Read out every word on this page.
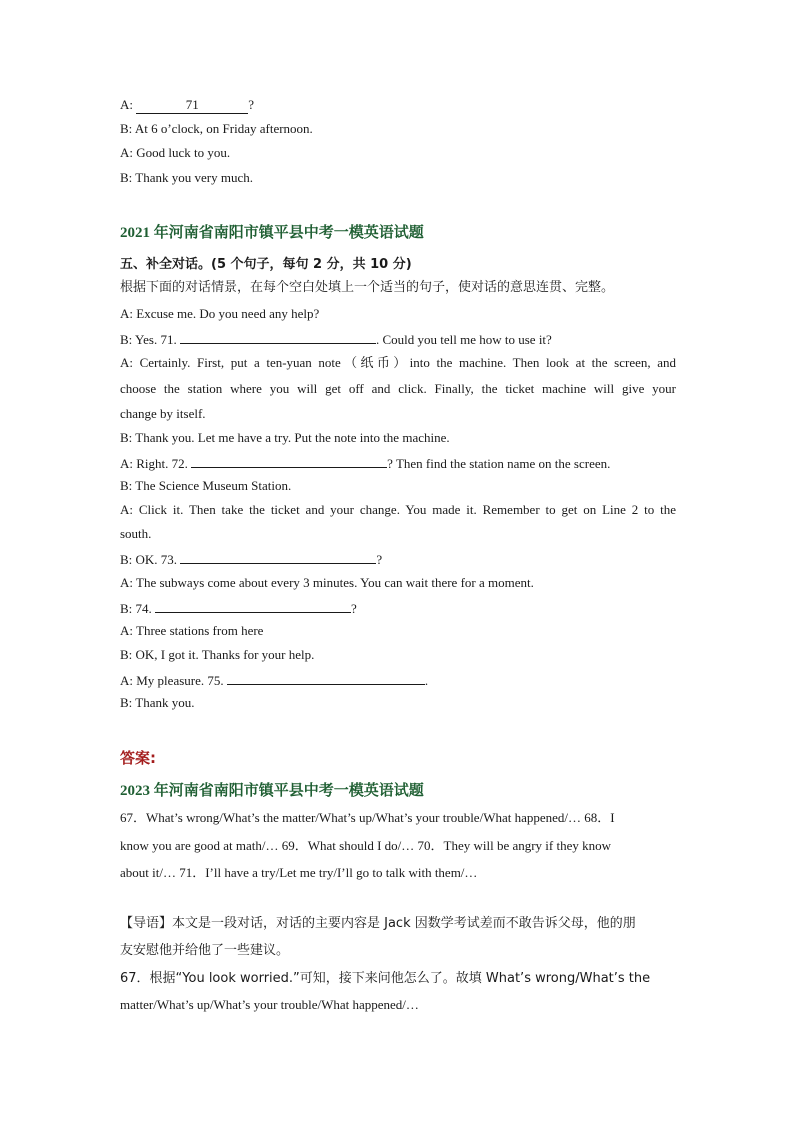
A:	71	?
B: At 6 o’clock, on Friday afternoon.
A: Good luck to you.
B: Thank you very much.
2021 年河南省南阳市镇平县中考一模英语试题
五、补全对话。(5 个句子，每句 2 分，共 10 分)
根据下面的对话情景，在每个空白处填上一个适当的句子，使对话的意思连贯、完整。
A: Excuse me. Do you need any help?
B: Yes. 71.	. Could you tell me how to use it?
A: Certainly. First, put a ten-yuan note（纸币）into the machine. Then look at the screen, and
choose the station where you will get off and click. Finally, the ticket machine will give your
change by itself.
B: Thank you. Let me have a try. Put the note into the machine.
A: Right. 72.	? Then find the station name on the screen.
B: The Science Museum Station.
A: Click it. Then take the ticket and your change. You made it. Remember to get on Line 2 to the
south.
B: OK. 73.	?
A: The subways come about every 3 minutes. You can wait there for a moment.
B: 74.	?
A: Three stations from here
B: OK, I got it. Thanks for your help.
A: My pleasure. 75.	.
B: Thank you.
答案:
2023 年河南省南阳市镇平县中考一模英语试题
67．What’s wrong/What’s the matter/What’s up/What’s your trouble/What happened/… 68．I
know you are good at math/… 69．What should I do/… 70．They will be angry if they know
about it/… 71．I’ll have a try/Let me try/I’ll go to talk with them/…
【导语】本文是一段对话，对话的主要内容是 Jack 因数学考试差而不敢告诉父母，他的朋
友安慰他并给他了一些建议。
67．根据“You look worried.”可知，接下来问他怎么了。故填 What’s wrong/What’s the
matter/What’s up/What’s your trouble/What happened/…
